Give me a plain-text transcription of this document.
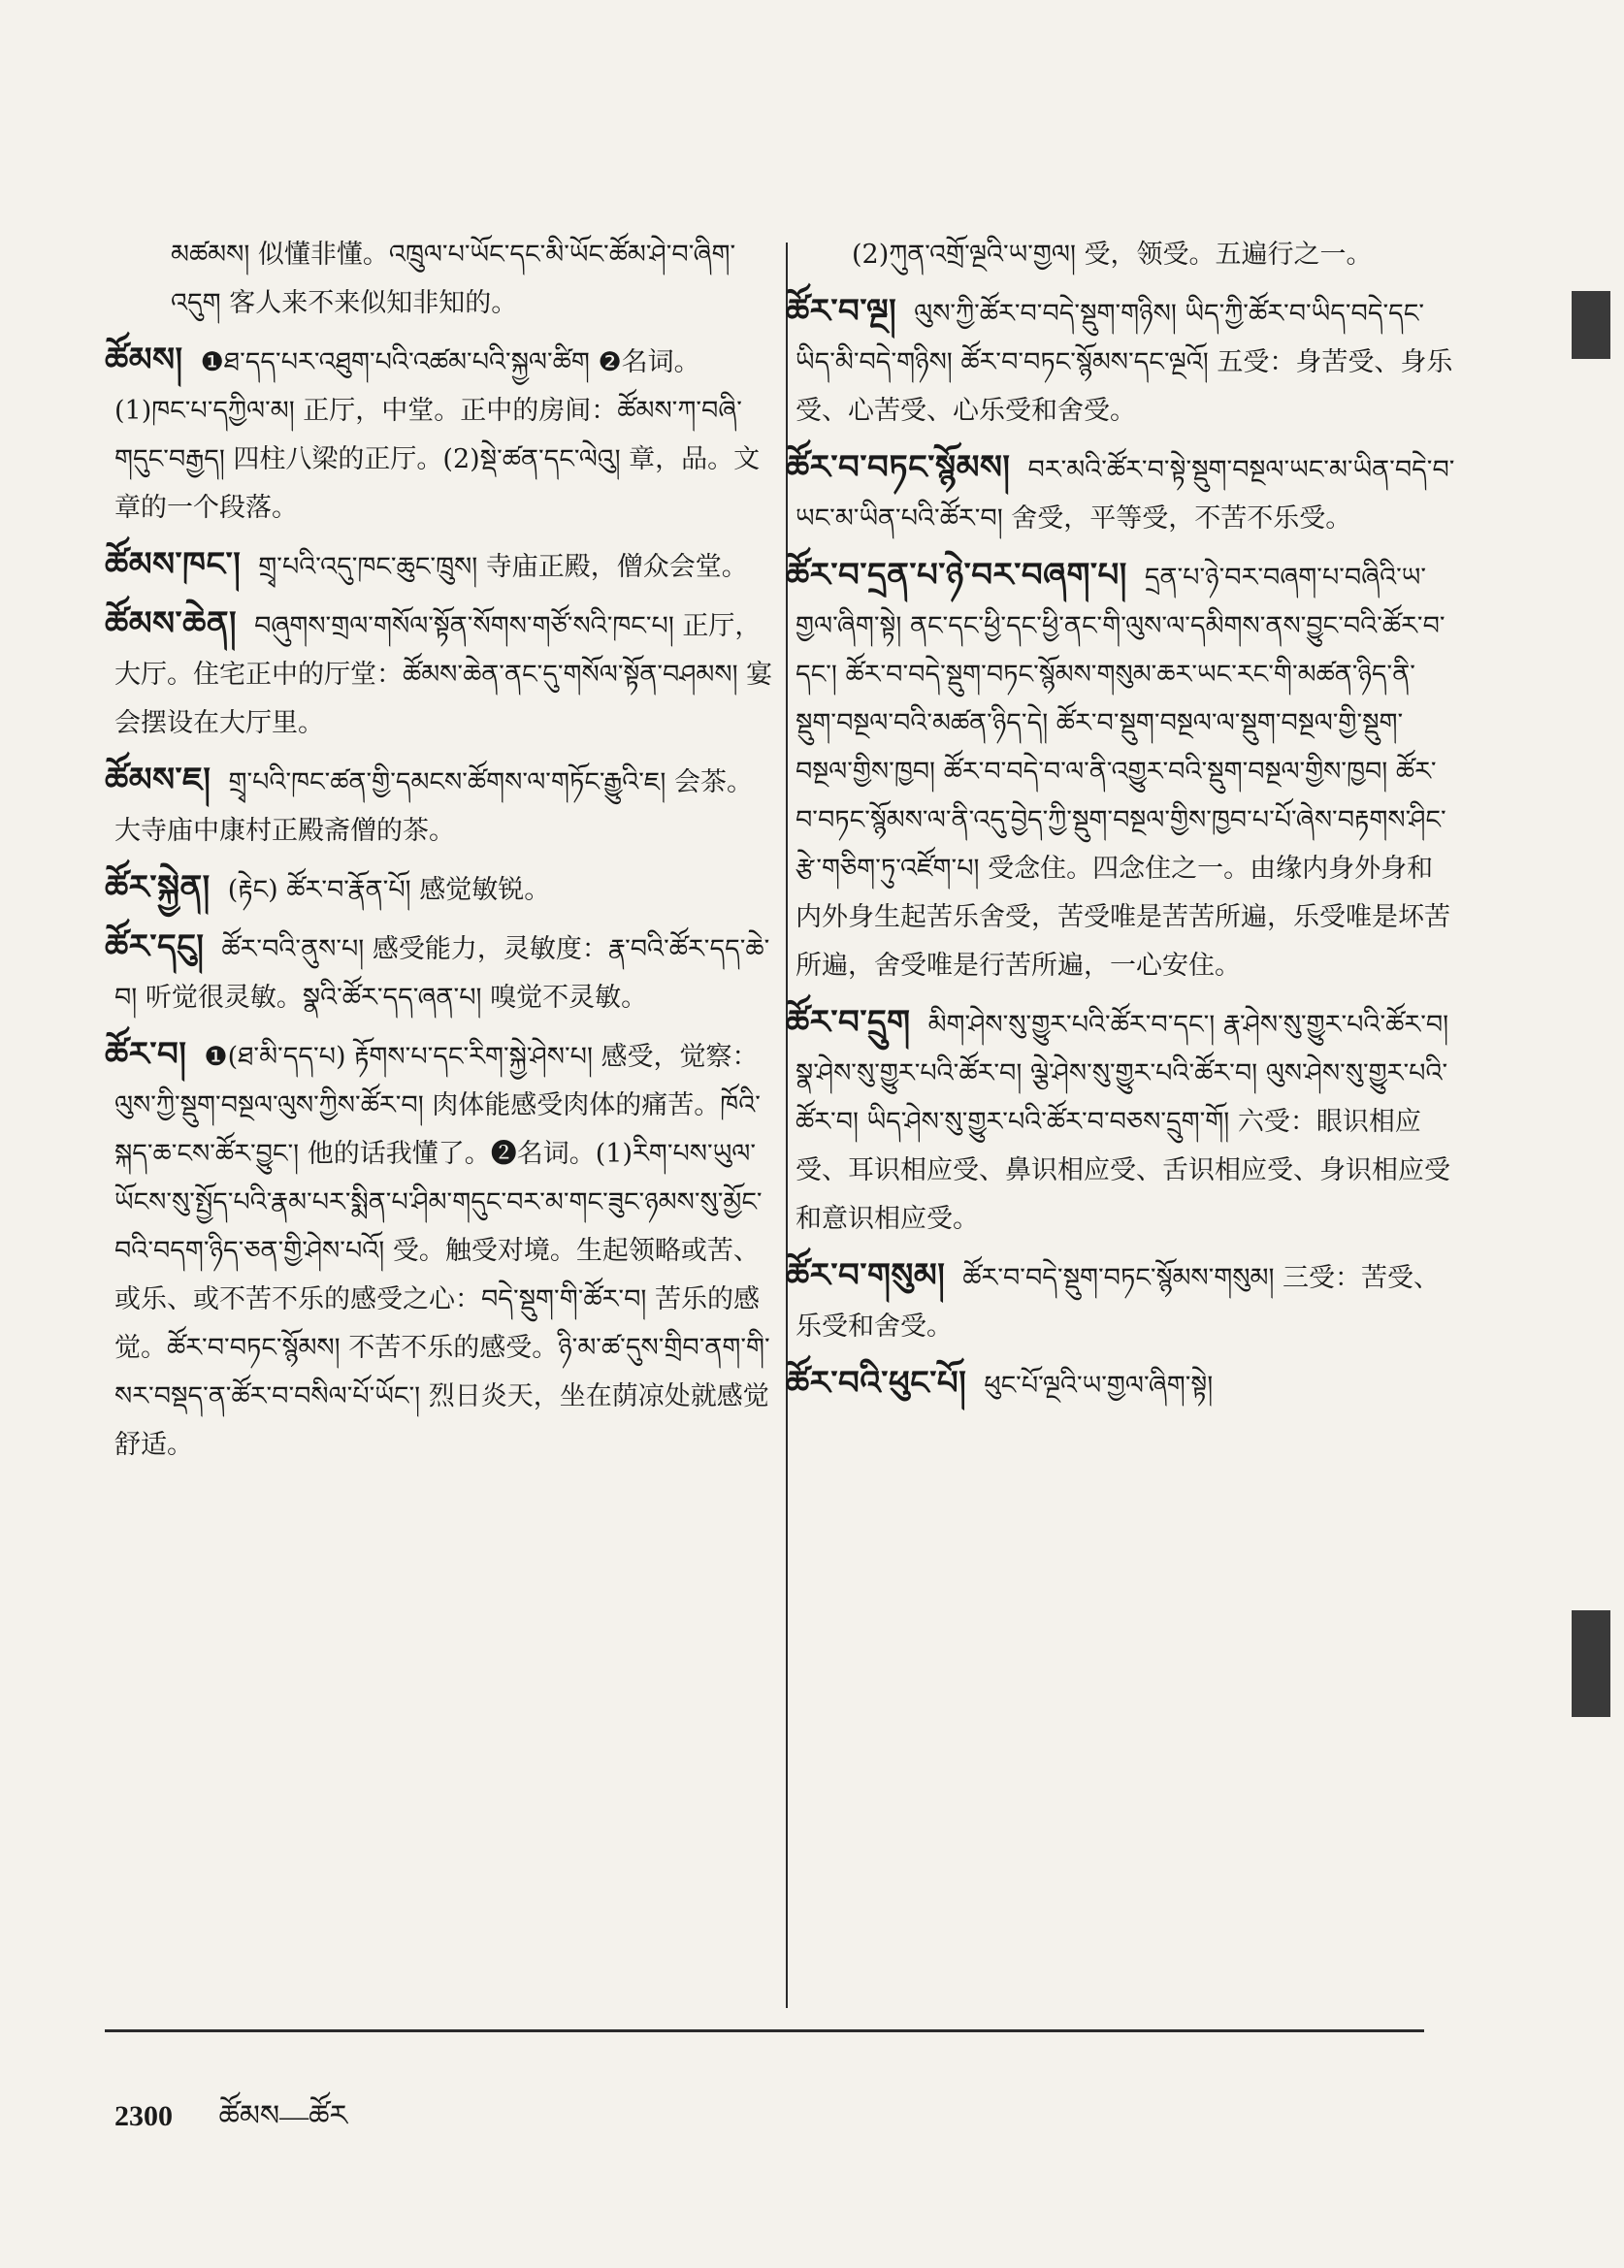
མཚམས། 似懂非懂。འཁྲུལ་པ་ཡོང་དང་མི་ཡོང་ཚོམ་ཤེ་བ་ཞིག་འདུག 客人来不来似知非知的。
ཚོམས། ❶ཐ་དད་པར་འཐུག་པའི་འཚམ་པའི་སྐྱལ་ཚིག ❷名词。(1)ཁང་པ་དཀྱིལ་མ། 正厅，中堂。正中的房间：ཚོམས་ཀ་བཞི་གདུང་བརྒྱད། 四柱八梁的正厅。(2)སྡེ་ཚན་དང་ལེའུ། 章，品。文章的一个段落。
ཚོམས་ཁང་། གྲྭ་པའི་འདུ་ཁང་ཆུང་ཁྲུས། 寺庙正殿，僧众会堂。
ཚོམས་ཆེན། བཞུགས་གྲལ་གསོལ་སྟོན་སོགས་གཙོ་སའི་ཁང་པ། 正厅，大厅。住宅正中的厅堂：ཚོམས་ཆེན་ནང་དུ་གསོལ་སྟོན་བཤམས། 宴会摆设在大厅里。
ཚོམས་ཇ། གྲྭ་པའི་ཁང་ཚན་གྱི་དམངས་ཚོགས་ལ་གཏོང་རྒྱུའི་ཇ། 会茶。大寺庙中康村正殿斋僧的茶。
ཚོར་སྐྱེན། (རྟེང) ཚོར་བ་རྣོན་པོ། 感觉敏锐。
ཚོར་དངུ། ཚོར་བའི་ནུས་པ། 感受能力，灵敏度：རྣ་བའི་ཚོར་དད་ཆེ་བ། 听觉很灵敏。སྣའི་ཚོར་དད་ཞན་པ། 嗅觉不灵敏。
ཚོར་བ། ❶(ཐ་མི་དད་པ) རྟོགས་པ་དང་རིག་སྐྱེ་ཤེས་པ། 感受，觉察：ལུས་ཀྱི་སྡུག་བསྔལ་ལུས་ཀྱིས་ཚོར་བ། 肉体能感受肉体的痛苦。ཁོའི་སྐད་ཆ་ངས་ཚོར་བྱུང་། 他的话我懂了。❷名词。(1)རིག་པས་ཡུལ་ཡོངས་སུ་སྤྱོད་པའི་རྣམ་པར་སྨིན་པ་ཤིམ་གདུང་བར་མ་གང་ཟུང་ཉམས་སུ་མྱོང་བའི་བདག་ཉིད་ཅན་གྱི་ཤེས་པའོ། 受。触受对境。生起领略或苦、或乐、或不苦不乐的感受之心：བདེ་སྡུག་གི་ཚོར་བ། 苦乐的感觉。ཚོར་བ་བཏང་སྙོམས། 不苦不乐的感受。ཉི་མ་ཚ་དུས་གྲིབ་ནག་གི་སར་བསྡད་ན་ཚོར་བ་བསིལ་པོ་ཡོང་། 烈日炎天，坐在荫凉处就感觉舒适。
(2)ཀུན་འགྲོ་ལྔའི་ཡ་གྱལ། 受，领受。五遍行之一。
ཚོར་བ་ལྔ། ལུས་ཀྱི་ཚོར་བ་བདེ་སྡུག་གཉིས། ཡིད་ཀྱི་ཚོར་བ་ཡིད་བདེ་དང་ཡིད་མི་བདེ་གཉིས། ཚོར་བ་བཏང་སྙོམས་དང་ལྔའོ། 五受：身苦受、身乐受、心苦受、心乐受和舍受。
ཚོར་བ་བཏང་སྙོམས། བར་མའི་ཚོར་བ་སྟེ་སྡུག་བསྔལ་ཡང་མ་ཡིན་བདེ་བ་ཡང་མ་ཡིན་པའི་ཚོར་བ། 舍受，平等受，不苦不乐受。
ཚོར་བ་དྲན་པ་ཉེ་བར་བཞག་པ། དྲན་པ་ཉེ་བར་བཞག་པ་བཞིའི་ཡ་གྱལ་ཞིག་སྟེ། ནང་དང་ཕྱི་དང་ཕྱི་ནང་གི་ལུས་ལ་དམིགས་ནས་བྱུང་བའི་ཚོར་བ་དང་། ཚོར་བ་བདེ་སྡུག་བཏང་སྙོམས་གསུམ་ཆར་ཡང་རང་གི་མཚན་ཉིད་ནི་སྡུག་བསྔལ་བའི་མཚན་ཉིད་དེ། ཚོར་བ་སྡུག་བསྔལ་ལ་སྡུག་བསྔལ་གྱི་སྡུག་བསྔལ་གྱིས་ཁྱབ། ཚོར་བ་བདེ་བ་ལ་ནི་འགྱུར་བའི་སྡུག་བསྔལ་གྱིས་ཁྱབ། ཚོར་བ་བཏང་སྙོམས་ལ་ནི་འདུ་བྱེད་ཀྱི་སྡུག་བསྔལ་གྱིས་ཁྱབ་པ་པོ་ཞེས་བརྟགས་ཤིང་རྩེ་གཅིག་ཏུ་འཛོག་པ། 受念住。四念住之一。由缘内身外身和内外身生起苦乐舍受，苦受唯是苦苦所遍，乐受唯是坏苦所遍，舍受唯是行苦所遍，一心安住。
ཚོར་བ་དྲུག མིག་ཤེས་སུ་གྱུར་པའི་ཚོར་བ་དང་། རྣ་ཤེས་སུ་གྱུར་པའི་ཚོར་བ། སྣ་ཤེས་སུ་གྱུར་པའི་ཚོར་བ། ལྕེ་ཤེས་སུ་གྱུར་པའི་ཚོར་བ། ལུས་ཤེས་སུ་གྱུར་པའི་ཚོར་བ། ཡིད་ཤེས་སུ་གྱུར་པའི་ཚོར་བ་བཅས་དྲུག་གོ། 六受：眼识相应受、耳识相应受、鼻识相应受、舌识相应受、身识相应受和意识相应受。
ཚོར་བ་གསུམ། ཚོར་བ་བདེ་སྡུག་བཏང་སྙོམས་གསུམ། 三受：苦受、乐受和舍受。
ཚོར་བའི་ཕུང་པོ། ཕུང་པོ་ལྔའི་ཡ་གྱལ་ཞིག་སྟེ།
2300 ཚོམས—ཚོར
